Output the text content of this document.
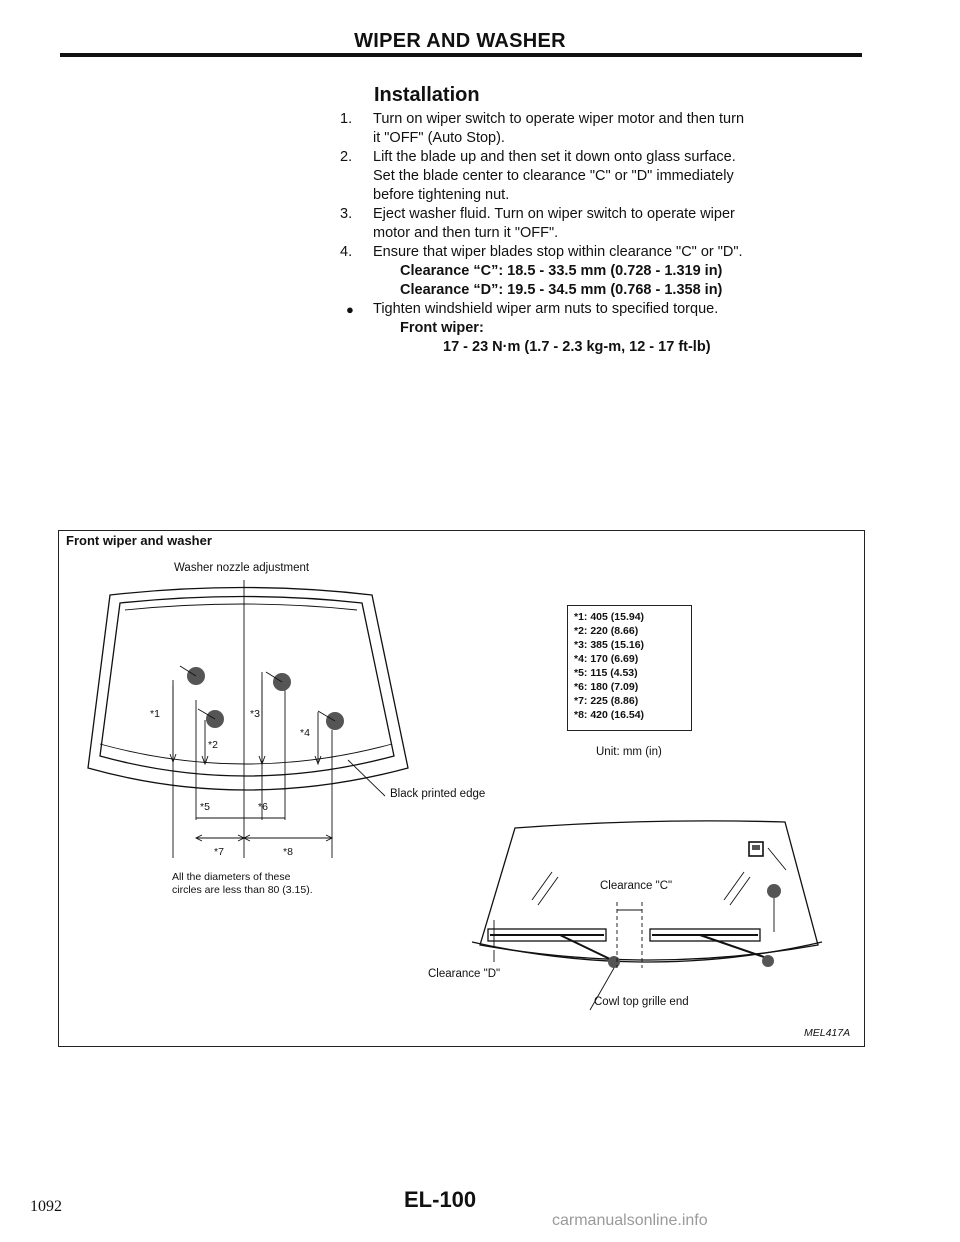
WIPER AND WASHER
Installation
1. Turn on wiper switch to operate wiper motor and then turn
it "OFF" (Auto Stop).
2. Lift the blade up and then set it down onto glass surface.
Set the blade center to clearance "C" or "D" immediately
before tightening nut.
3. Eject washer fluid. Turn on wiper switch to operate wiper
motor and then turn it "OFF".
4. Ensure that wiper blades stop within clearance "C" or "D".
Clearance “C”: 18.5 - 33.5 mm (0.728 - 1.319 in)
Clearance “D”: 19.5 - 34.5 mm (0.768 - 1.358 in)
● Tighten windshield wiper arm nuts to specified torque.
Front wiper:
17 - 23 N·m (1.7 - 2.3 kg-m, 12 - 17 ft-lb)
Front wiper and washer
Washer nozzle adjustment
*1
*2
*3
*4
*5	*6
*7	*8
Black printed edge
All the diameters of these
circles are less than 80 (3.15).
*1: 405 (15.94)
*2: 220 (8.66)
*3: 385 (15.16)
*4: 170 (6.69)
*5: 115 (4.53)
*6: 180 (7.09)
*7: 225 (8.86)
*8: 420 (16.54)
Unit: mm (in)
Clearance "C"
Clearance "D"
Cowl top grille end
MEL417A
1092	EL-100
carmanualsonline.info
